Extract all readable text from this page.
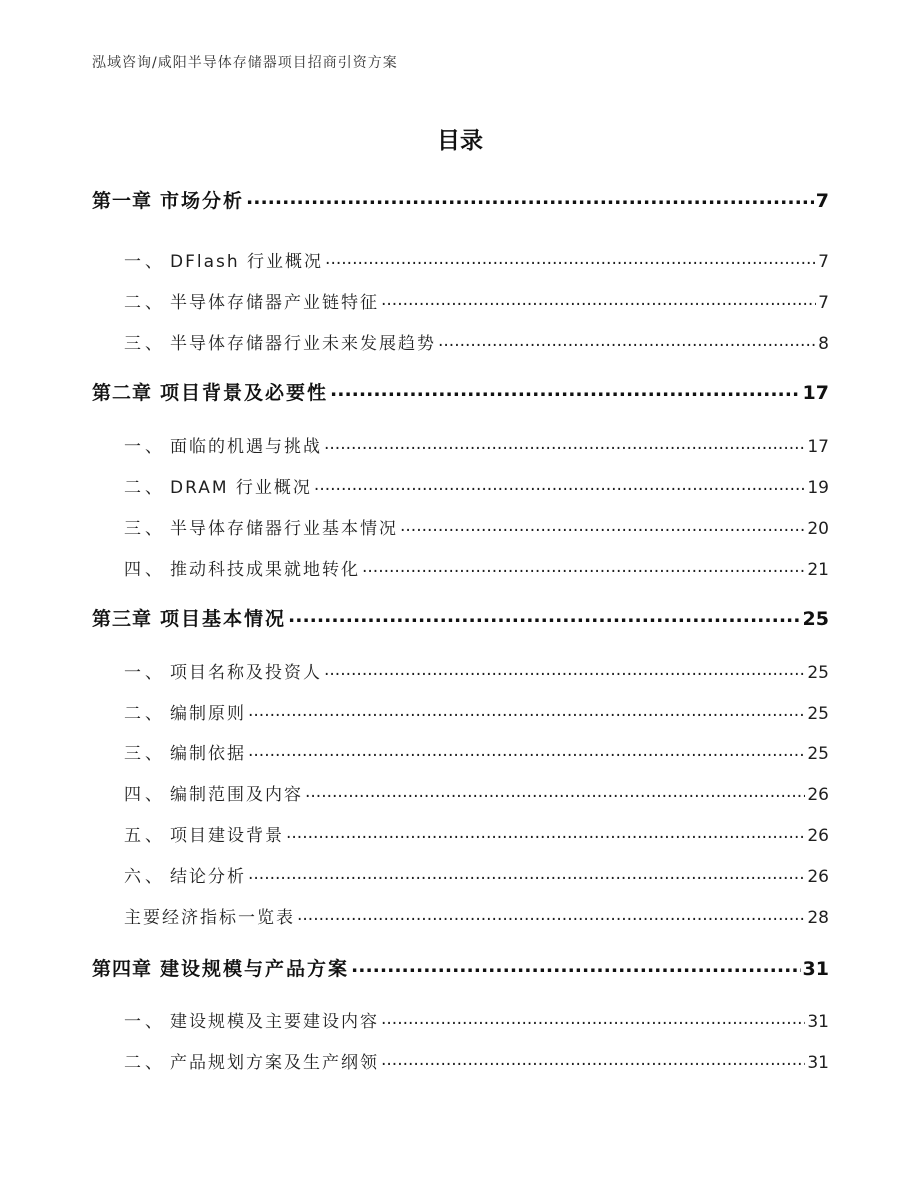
泓域咨询/咸阳半导体存储器项目招商引资方案
目录
第一章 市场分析 .....	7
一、 DFlash 行业概况 .....	7
二、 半导体存储器产业链特征 .....	7
三、 半导体存储器行业未来发展趋势 .....	8
第二章 项目背景及必要性 .....	17
一、 面临的机遇与挑战 .....	17
二、 DRAM 行业概况 .....	19
三、 半导体存储器行业基本情况 .....	20
四、 推动科技成果就地转化 .....	21
第三章 项目基本情况 .....	25
一、 项目名称及投资人 .....	25
二、 编制原则 .....	25
三、 编制依据 .....	25
四、 编制范围及内容 .....	26
五、 项目建设背景 .....	26
六、 结论分析 .....	26
主要经济指标一览表 .....	28
第四章 建设规模与产品方案 .....	31
一、 建设规模及主要建设内容 .....	31
二、 产品规划方案及生产纲领 .....	31
